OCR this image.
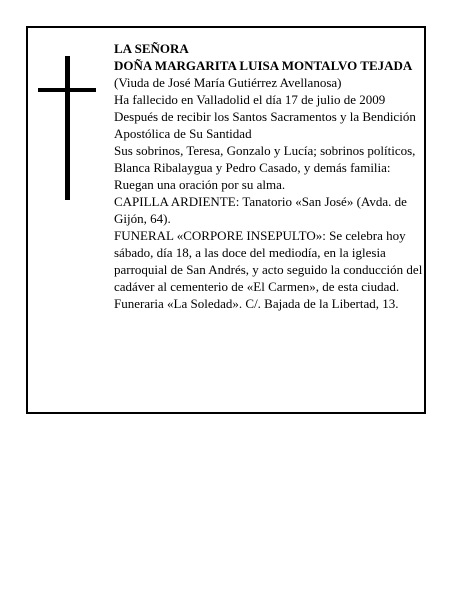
LA SEÑORA

DOÑA MARGARITA LUISA MONTALVO TEJADA

(Viuda de José María Gutiérrez Avellanosa)

Ha fallecido en Valladolid el día 17 de julio de 2009

Después de recibir los Santos Sacramentos y la Bendición Apostólica de Su Santidad

Sus sobrinos, Teresa, Gonzalo y Lucía; sobrinos políticos, Blanca Ribalaygua y Pedro Casado, y demás familia:

Ruegan una oración por su alma.

CAPILLA ARDIENTE: Tanatorio «San José» (Avda. de Gijón, 64).

FUNERAL «CORPORE INSEPULTO»: Se celebra hoy sábado, día 18, a las doce del mediodía, en la iglesia parroquial de San Andrés, y acto seguido la conducción del cadáver al cementerio de «El Carmen», de esta ciudad.

Funeraria «La Soledad». C/. Bajada de la Libertad, 13.
